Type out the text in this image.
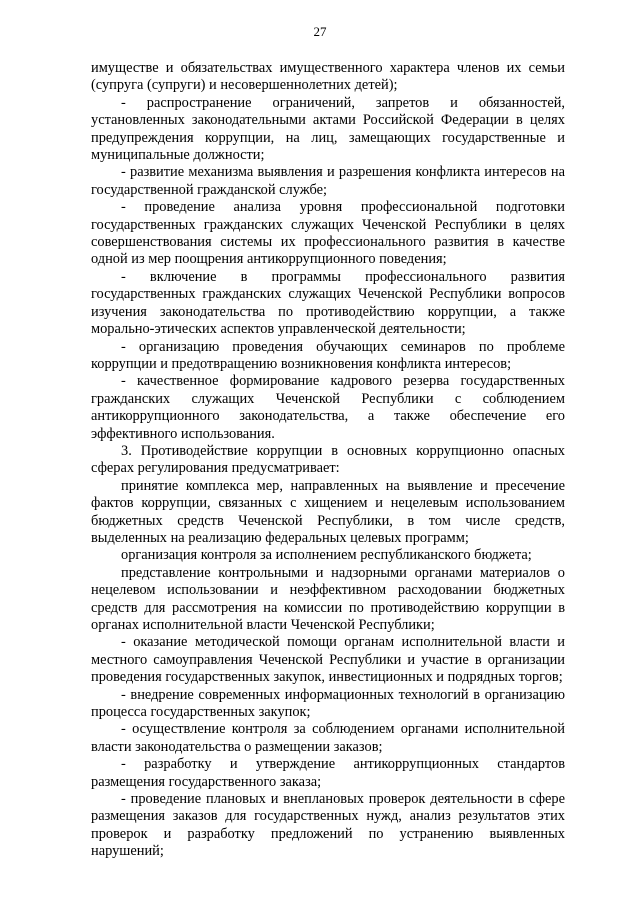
27

имуществе и обязательствах имущественного характера членов их семьи (супруга (супруги) и несовершеннолетних детей);

- распространение ограничений, запретов и обязанностей, установленных законодательными актами Российской Федерации в целях предупреждения коррупции, на лиц, замещающих государственные и муниципальные должности;

- развитие механизма выявления и разрешения конфликта интересов на государственной гражданской службе;

- проведение анализа уровня профессиональной подготовки государственных гражданских служащих Чеченской Республики в целях совершенствования системы их профессионального развития в качестве одной из мер поощрения антикоррупционного поведения;

- включение в программы профессионального развития государственных гражданских служащих Чеченской Республики вопросов изучения законодательства по противодействию коррупции, а также морально-этических аспектов управленческой деятельности;

- организацию проведения обучающих семинаров по проблеме коррупции и предотвращению возникновения конфликта интересов;

- качественное формирование кадрового резерва государственных гражданских служащих Чеченской Республики с соблюдением антикоррупционного законодательства, а также обеспечение его эффективного использования.

3. Противодействие коррупции в основных коррупционно опасных сферах регулирования предусматривает:

принятие комплекса мер, направленных на выявление и пресечение фактов коррупции, связанных с хищением и нецелевым использованием бюджетных средств Чеченской Республики, в том числе средств, выделенных на реализацию федеральных целевых программ;

организация контроля за исполнением республиканского бюджета;

представление контрольными и надзорными органами материалов о нецелевом использовании и неэффективном расходовании бюджетных средств для рассмотрения на комиссии по противодействию коррупции в органах исполнительной власти Чеченской Республики;

- оказание методической помощи органам исполнительной власти и местного самоуправления Чеченской Республики и участие в организации проведения государственных закупок, инвестиционных и подрядных торгов;

- внедрение современных информационных технологий в организацию процесса государственных закупок;

- осуществление контроля за соблюдением органами исполнительной власти законодательства о размещении заказов;

- разработку и утверждение антикоррупционных стандартов размещения государственного заказа;

- проведение плановых и внеплановых проверок деятельности в сфере размещения заказов для государственных нужд, анализ результатов этих проверок и разработку предложений по устранению выявленных нарушений;
